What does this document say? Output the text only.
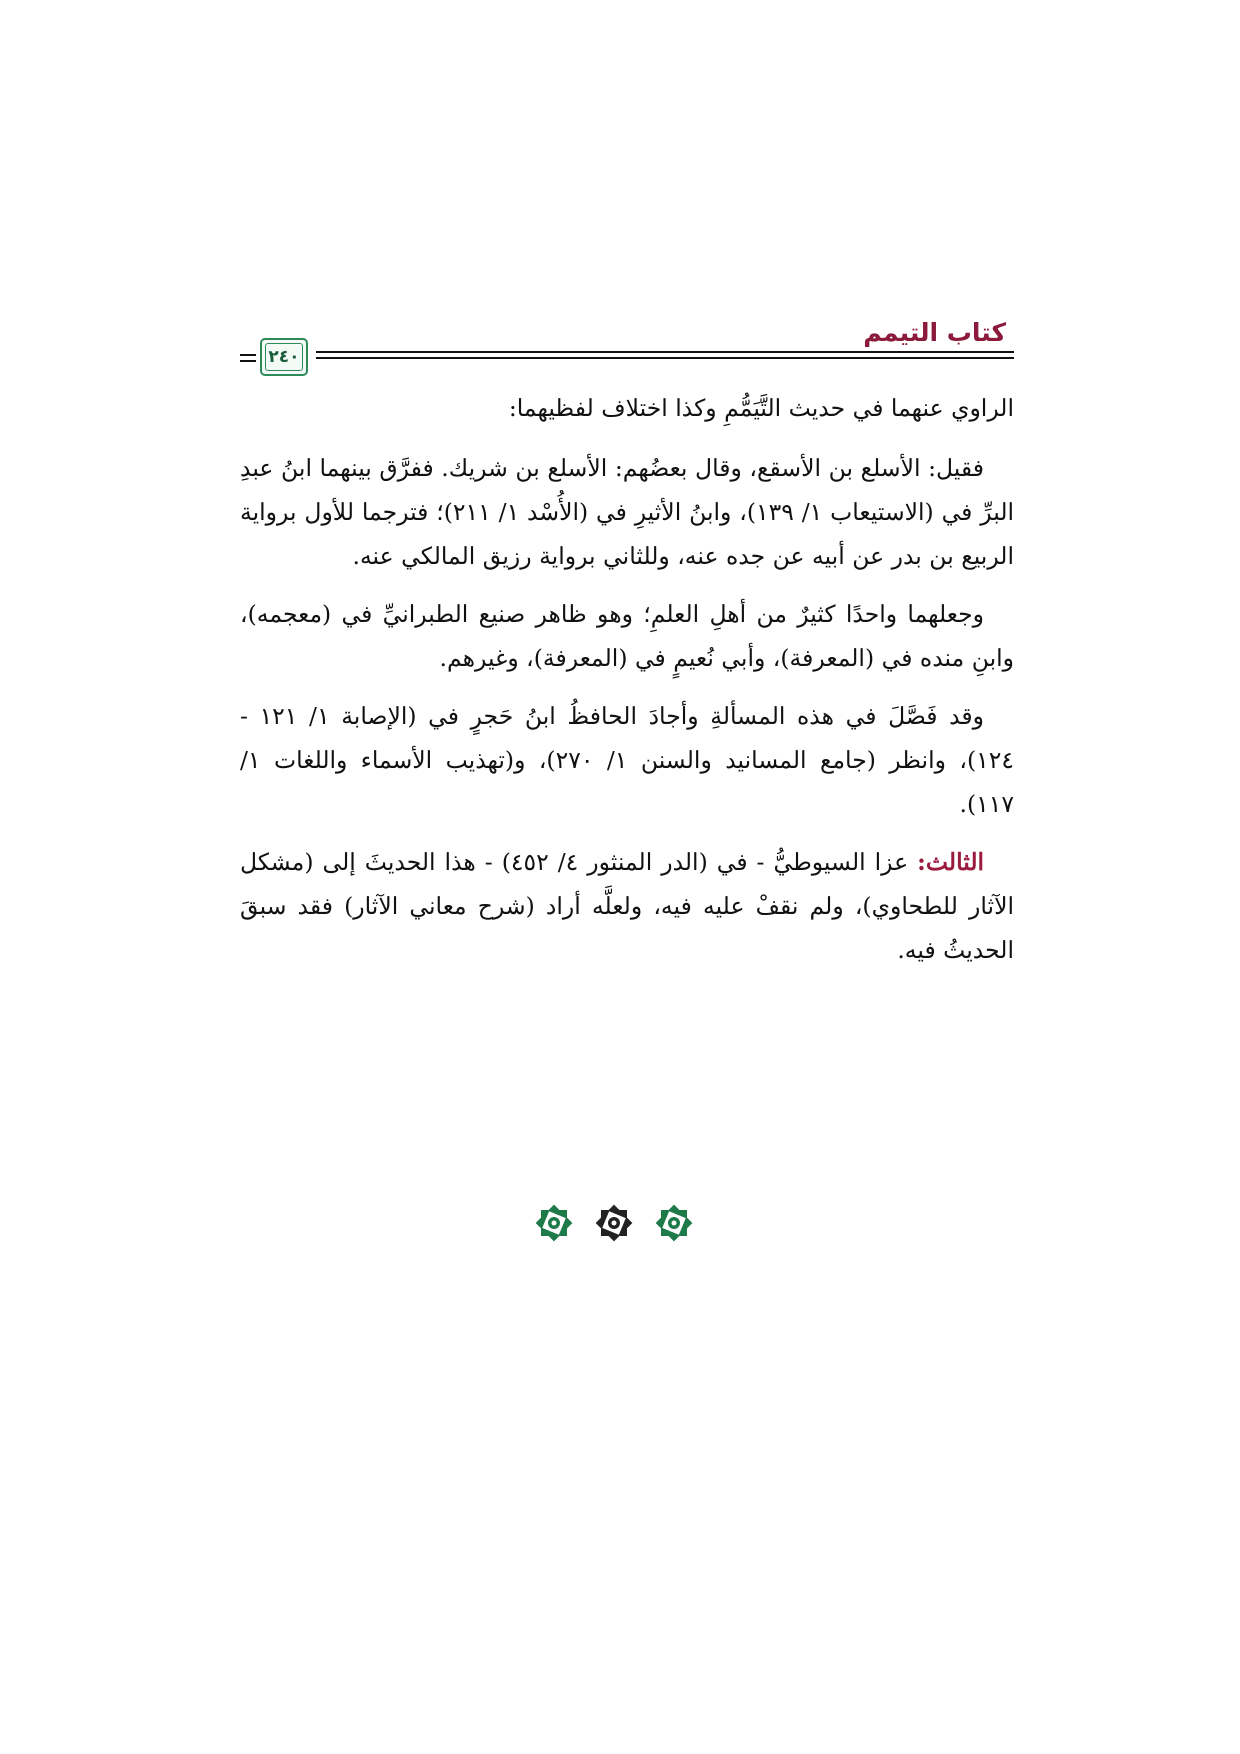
كتاب التيمم
٢٤٠

الراوي عنهما في حديث التَّيَمُّمِ وكذا اختلاف لفظيهما:

فقيل: الأسلع بن الأسقع، وقال بعضُهم: الأسلع بن شريك. ففرَّق بينهما ابنُ عبدِ البرِّ في (الاستيعاب ١/ ١٣٩)، وابنُ الأثيرِ في (الأُسْد ١/ ٢١١)؛ فترجما للأول برواية الربيع بن بدر عن أبيه عن جده عنه، وللثاني برواية رزيق المالكي عنه.

وجعلهما واحدًا كثيرٌ من أهلِ العلمِ؛ وهو ظاهر صنيع الطبرانيِّ في (معجمه)، وابنِ منده في (المعرفة)، وأبي نُعيمٍ في (المعرفة)، وغيرهم.

وقد فَصَّلَ في هذه المسألةِ وأجادَ الحافظُ ابنُ حَجرٍ في (الإصابة ١/ ١٢١ - ١٢٤)، وانظر (جامع المسانيد والسنن ١/ ٢٧٠)، و(تهذيب الأسماء واللغات ١/ ١١٧).

الثالث: عزا السيوطيُّ - في (الدر المنثور ٤/ ٤٥٢) - هذا الحديثَ إلى (مشكل الآثار للطحاوي)، ولم نقفْ عليه فيه، ولعلَّه أراد (شرح معاني الآثار) فقد سبقَ الحديثُ فيه.
